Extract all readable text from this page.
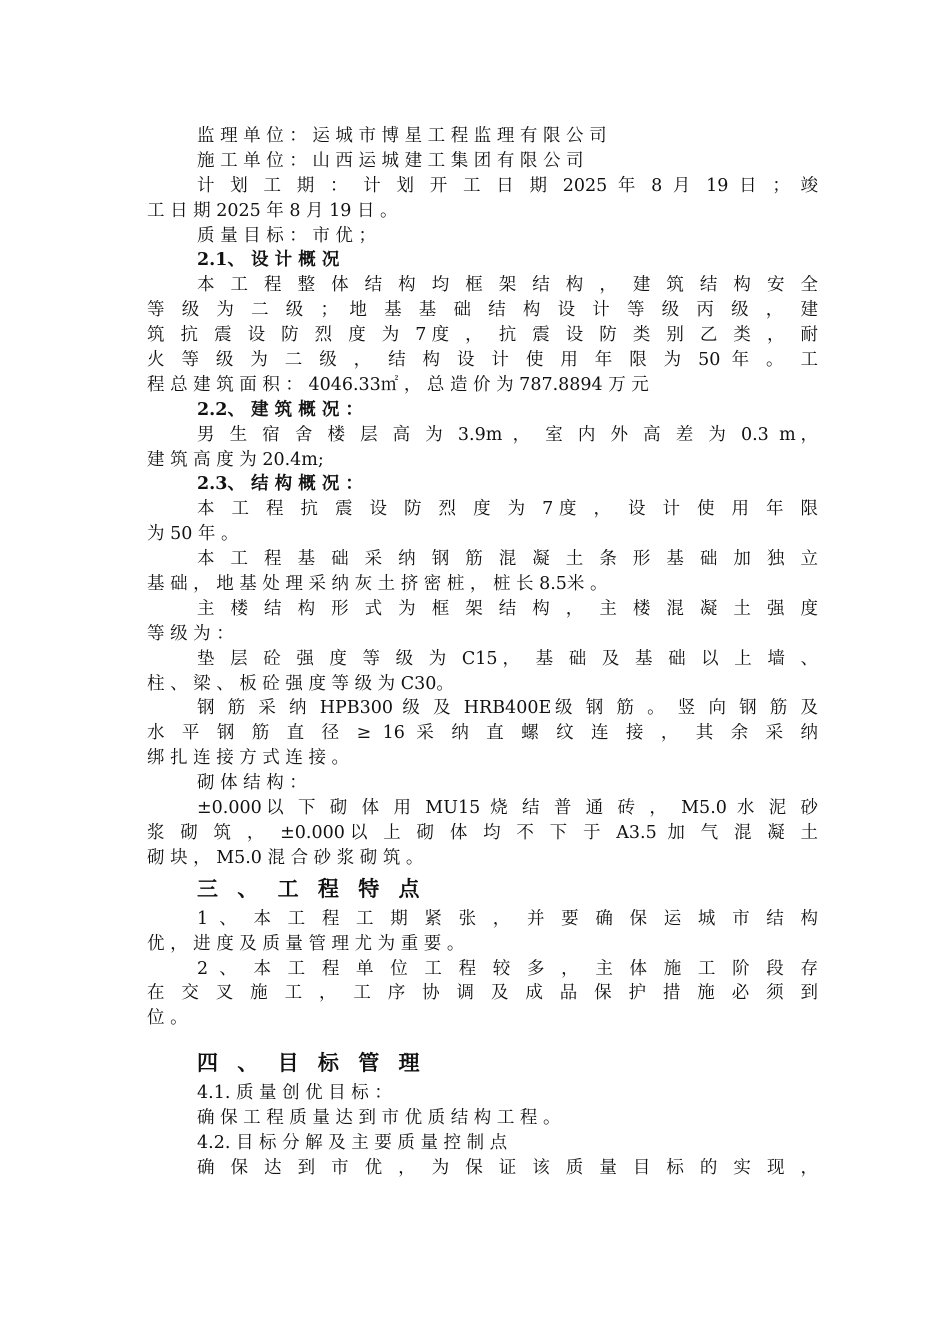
监 理 单 位 ： 运 城 市 博 星 工 程 监 理 有 限 公 司
施 工 单 位 ： 山 西 运 城 建 工 集 团 有 限 公 司
计 划 工 期 ： 计 划 开 工 日 期 2025 年 8 月 19 日 ； 竣
工 日 期 2025 年 8 月 19 日 。
质 量 目 标 ： 市 优 ；
2.1、 设 计 概 况
本 工 程 整 体 结 构 均 框 架 结 构 ， 建 筑 结 构 安 全
等 级 为 二 级 ； 地 基 基 础 结 构 设 计 等 级 丙 级 ， 建
筑 抗 震 设 防 烈 度 为 7度 ， 抗 震 设 防 类 别 乙 类 ， 耐
火 等 级 为 二 级 ， 结 构 设 计 使 用 年 限 为 50 年 。 工
程 总 建 筑 面 积 ： 4046.33㎡ ， 总 造 价 为 787.8894 万 元
2.2、 建 筑 概 况 ：
男 生 宿 舍 楼 层 高 为 3.9m ， 室 内 外 高 差 为 0.3 m，
建 筑 高 度 为 20.4m;
2.3、 结 构 概 况 ：
本 工 程 抗 震 设 防 烈 度 为 7度 ， 设 计 使 用 年 限
为 50 年 。
本 工 程 基 础 采 纳 钢 筋 混 凝 土 条 形 基 础 加 独 立
基 础 ， 地 基 处 理 采 纳 灰 土 挤 密 桩 ， 桩 长 8.5米 。
主 楼 结 构 形 式 为 框 架 结 构 ， 主 楼 混 凝 土 强 度
等 级 为 ：
垫 层 砼 强 度 等 级 为 C15， 基 础 及 基 础 以 上 墙 、
柱 、 梁 、 板 砼 强 度 等 级 为 C30。
钢 筋 采 纳 HPB300 级 及 HRB400E级 钢 筋 。 竖 向 钢 筋 及
水 平 钢 筋 直 径 ≥ 16 采 纳 直 螺 纹 连 接 ， 其 余 采 纳
绑 扎 连 接 方 式 连 接 。
砌 体 结 构 ：
±0.000以 下 砌 体 用 MU15 烧 结 普 通 砖 ， M5.0 水 泥 砂
浆 砌 筑 ， ±0.000以 上 砌 体 均 不 下 于 A3.5 加 气 混 凝 土
砌 块 ， M5.0 混 合 砂 浆 砌 筑 。
三 、 工 程 特 点
1 、 本 工 程 工 期 紧 张 ， 并 要 确 保 运 城 市 结 构
优 ， 进 度 及 质 量 管 理 尤 为 重 要 。
2 、 本 工 程 单 位 工 程 较 多 ， 主 体 施 工 阶 段 存
在 交 叉 施 工 ， 工 序 协 调 及 成 品 保 护 措 施 必 须 到
位 。
四 、 目 标 管 理
4.1. 质 量 创 优 目 标 ：
确 保 工 程 质 量 达 到 市 优 质 结 构 工 程 。
4.2. 目 标 分 解 及 主 要 质 量 控 制 点
确 保 达 到 市 优 ， 为 保 证 该 质 量 目 标 的 实 现 ，
